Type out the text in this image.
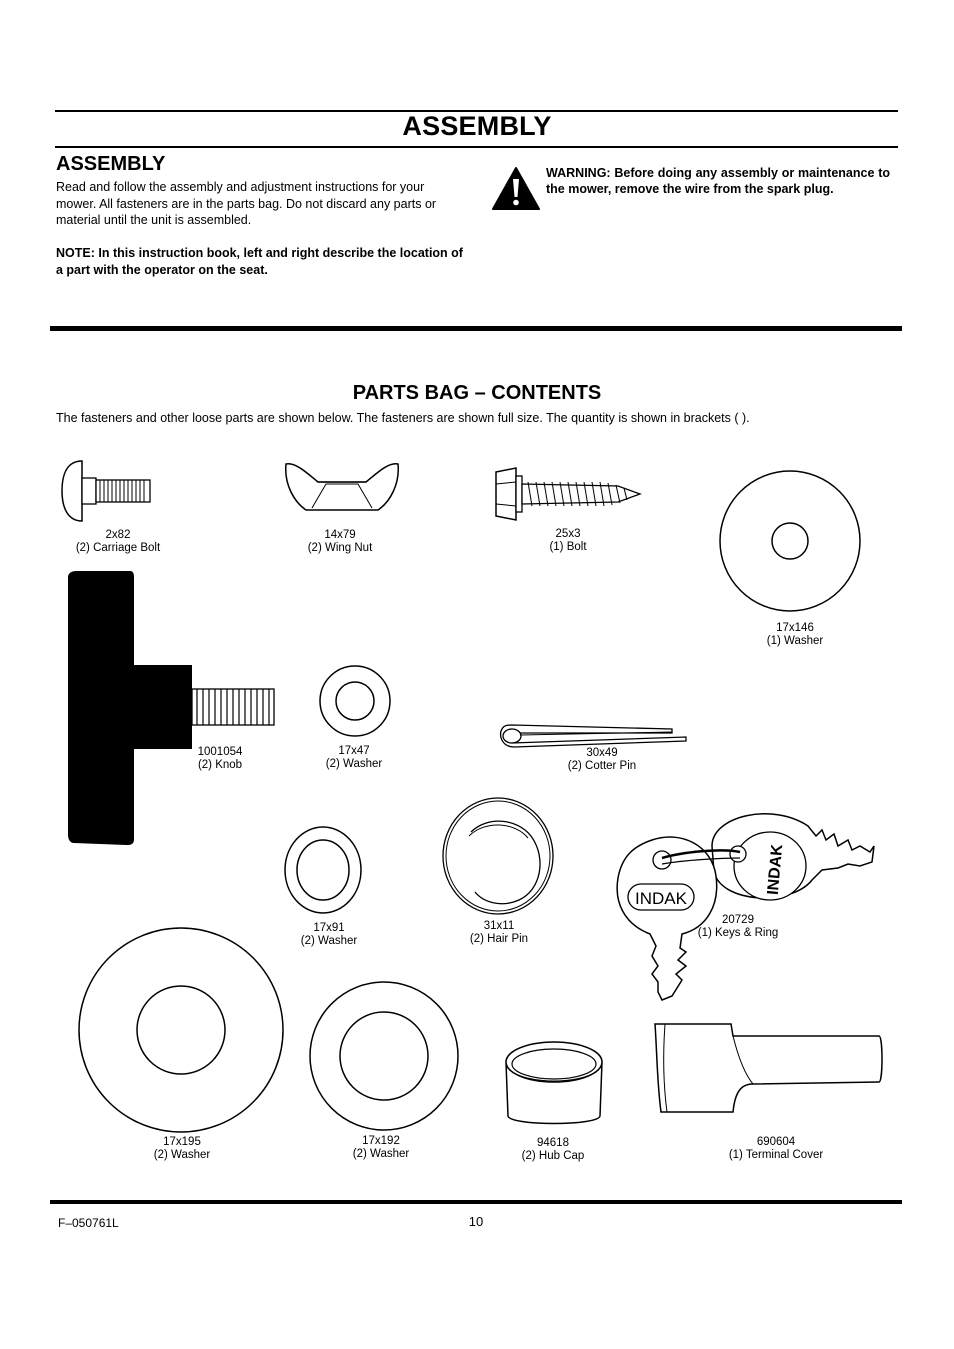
ASSEMBLY
ASSEMBLY
Read and follow the assembly and adjustment instructions for your mower. All fasteners are in the parts bag. Do not discard any parts or material until the unit is assembled.
NOTE: In this instruction book, left and right describe the location of a part with the operator on the seat.
WARNING: Before doing any assembly or maintenance to the mower, remove the wire from the spark plug.
PARTS BAG – CONTENTS
The fasteners and other loose parts are shown below. The fasteners are shown full size. The quantity is shown in brackets ( ).
2x82
(2) Carriage Bolt
14x79
(2) Wing Nut
25x3
(1) Bolt
17x146
(1) Washer
1001054
(2) Knob
17x47
(2) Washer
30x49
(2) Cotter Pin
17x91
(2) Washer
31x11
(2) Hair Pin
INDAK
INDAK
20729
(1) Keys & Ring
17x195
(2) Washer
17x192
(2) Washer
94618
(2) Hub Cap
690604
(1) Terminal Cover
F–050761L	10
